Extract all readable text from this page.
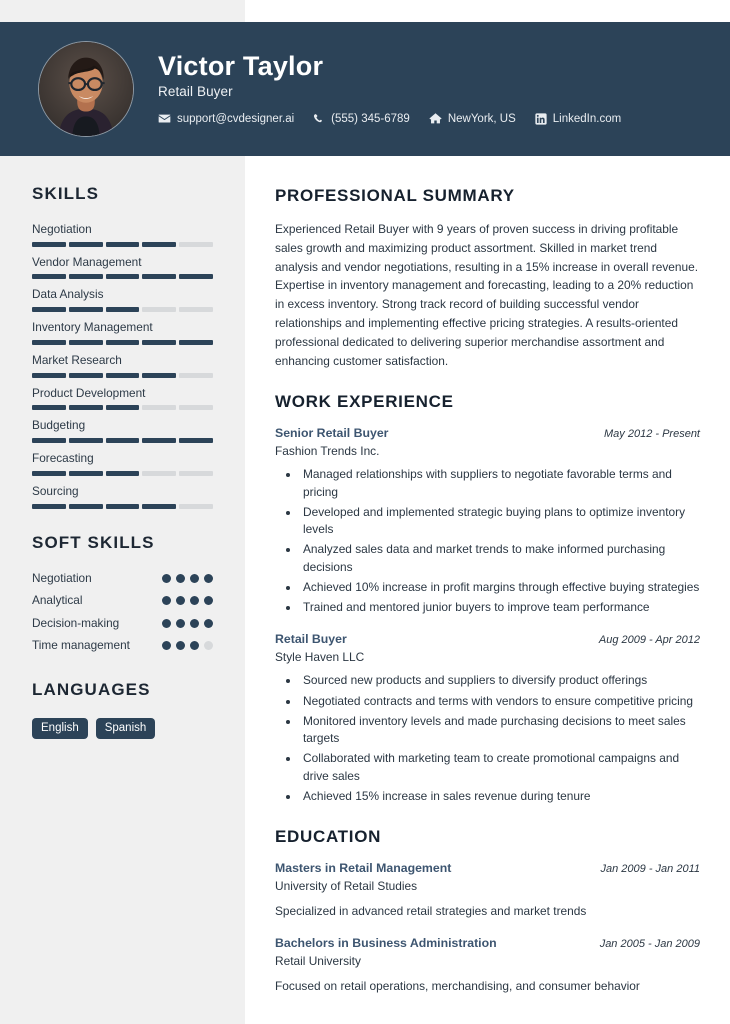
Victor Taylor
Retail Buyer
support@cvdesigner.ai	(555) 345-6789	NewYork, US	LinkedIn.com
SKILLS
Negotiation
Vendor Management
Data Analysis
Inventory Management
Market Research
Product Development
Budgeting
Forecasting
Sourcing
SOFT SKILLS
Negotiation
Analytical
Decision-making
Time management
LANGUAGES
English	Spanish
PROFESSIONAL SUMMARY
Experienced Retail Buyer with 9 years of proven success in driving profitable sales growth and maximizing product assortment. Skilled in market trend analysis and vendor negotiations, resulting in a 15% increase in overall revenue. Expertise in inventory management and forecasting, leading to a 20% reduction in excess inventory. Strong track record of building successful vendor relationships and implementing effective pricing strategies. A results-oriented professional dedicated to delivering superior merchandise assortment and enhancing customer satisfaction.
WORK EXPERIENCE
Senior Retail Buyer	May 2012 - Present
Fashion Trends Inc.
• Managed relationships with suppliers to negotiate favorable terms and pricing
• Developed and implemented strategic buying plans to optimize inventory levels
• Analyzed sales data and market trends to make informed purchasing decisions
• Achieved 10% increase in profit margins through effective buying strategies
• Trained and mentored junior buyers to improve team performance
Retail Buyer	Aug 2009 - Apr 2012
Style Haven LLC
• Sourced new products and suppliers to diversify product offerings
• Negotiated contracts and terms with vendors to ensure competitive pricing
• Monitored inventory levels and made purchasing decisions to meet sales targets
• Collaborated with marketing team to create promotional campaigns and drive sales
• Achieved 15% increase in sales revenue during tenure
EDUCATION
Masters in Retail Management	Jan 2009 - Jan 2011
University of Retail Studies
Specialized in advanced retail strategies and market trends
Bachelors in Business Administration	Jan 2005 - Jan 2009
Retail University
Focused on retail operations, merchandising, and consumer behavior
